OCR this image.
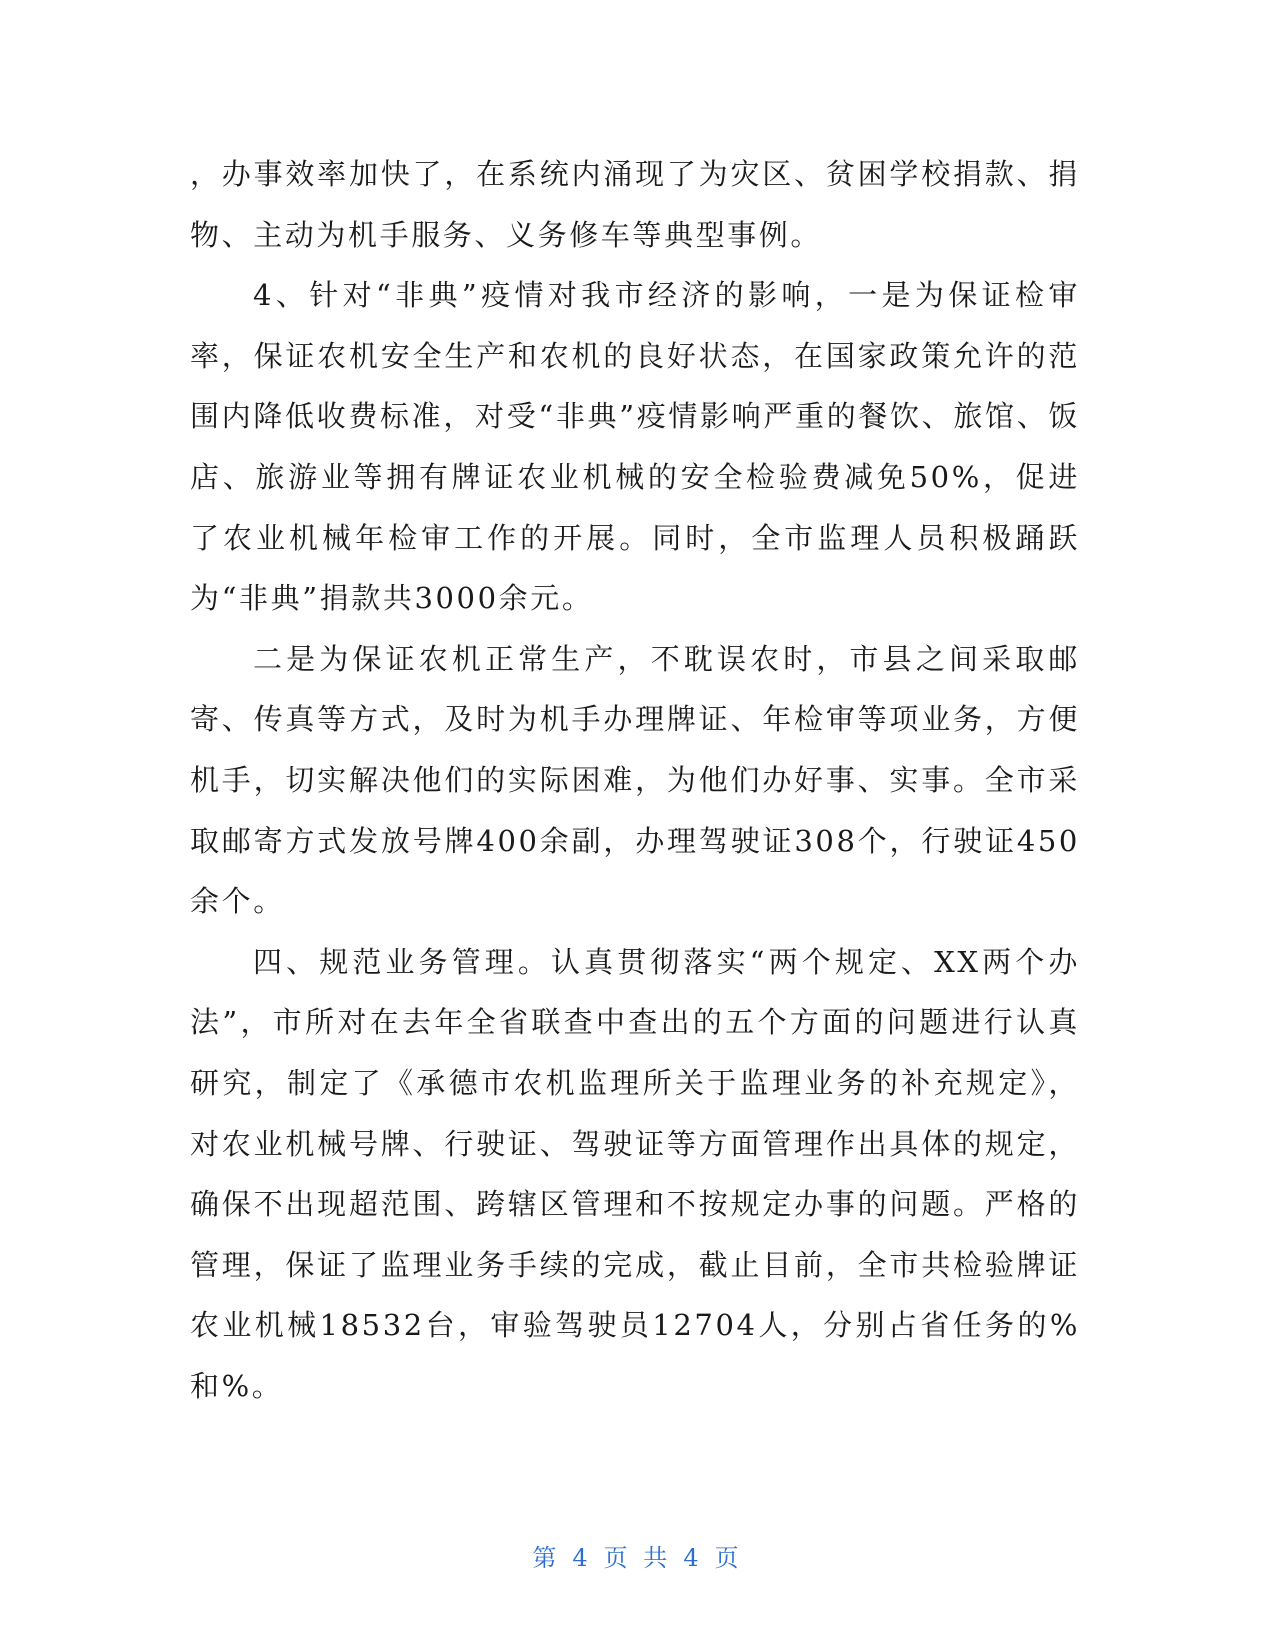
，办事效率加快了，在系统内涌现了为灾区、贫困学校捐款、捐物、主动为机手服务、义务修车等典型事例。

4、针对“非典”疫情对我市经济的影响，一是为保证检审率，保证农机安全生产和农机的良好状态，在国家政策允许的范围内降低收费标准，对受“非典”疫情影响严重的餐饮、旅馆、饭店、旅游业等拥有牌证农业机械的安全检验费减免50%，促进了农业机械年检审工作的开展。同时，全市监理人员积极踊跃为“非典”捐款共3000余元。

二是为保证农机正常生产，不耽误农时，市县之间采取邮寄、传真等方式，及时为机手办理牌证、年检审等项业务，方便机手，切实解决他们的实际困难，为他们办好事、实事。全市采取邮寄方式发放号牌400余副，办理驾驶证308个，行驶证450余个。

四、规范业务管理。认真贯彻落实“两个规定、XX两个办法”，市所对在去年全省联查中查出的五个方面的问题进行认真研究，制定了《承德市农机监理所关于监理业务的补充规定》，对农业机械号牌、行驶证、驾驶证等方面管理作出具体的规定，确保不出现超范围、跨辖区管理和不按规定办事的问题。严格的管理，保证了监理业务手续的完成，截止目前，全市共检验牌证农业机械18532台，审验驾驶员12704人，分别占省任务的%和%。

第 4 页 共 4 页
